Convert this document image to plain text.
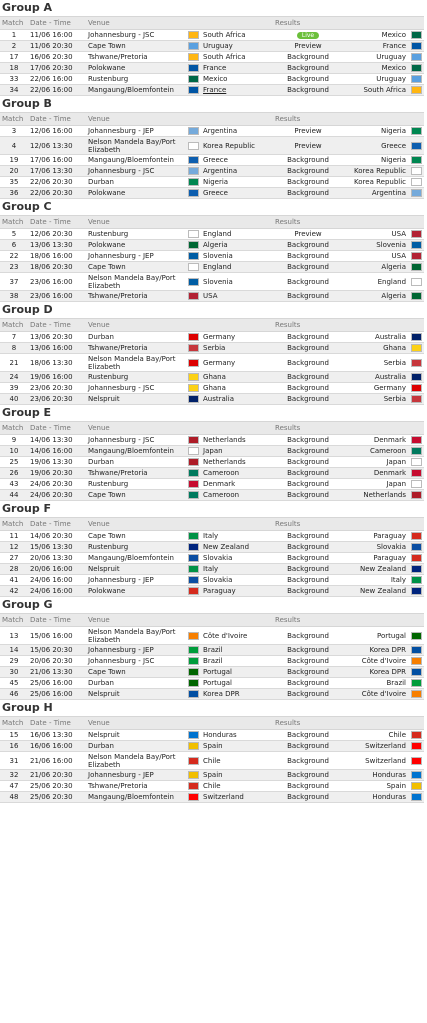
Group A
Match	Date - Time	Venue			Results		
1	11/06 16:00	Johannesburg - JSC		South Africa	Live	Mexico	
2	11/06 20:30	Cape Town		Uruguay	Preview	France	
17	16/06 20:30	Tshwane/Pretoria		South Africa	Background	Uruguay	
18	17/06 20:30	Polokwane		France	Background	Mexico	
33	22/06 16:00	Rustenburg		Mexico	Background	Uruguay	
34	22/06 16:00	Mangaung/Bloemfontein		France	Background	South Africa	
Group B
Match	Date - Time	Venue			Results		
3	12/06 16:00	Johannesburg - JEP		Argentina	Preview	Nigeria	
4	12/06 13:30	Nelson Mandela Bay/Port Elizabeth		Korea Republic	Preview	Greece	
19	17/06 16:00	Mangaung/Bloemfontein		Greece	Background	Nigeria	
20	17/06 13:30	Johannesburg - JSC		Argentina	Background	Korea Republic	
35	22/06 20:30	Durban		Nigeria	Background	Korea Republic	
36	22/06 20:30	Polokwane		Greece	Background	Argentina	
Group C
Match	Date - Time	Venue			Results		
5	12/06 20:30	Rustenburg		England	Preview	USA	
6	13/06 13:30	Polokwane		Algeria	Background	Slovenia	
22	18/06 16:00	Johannesburg - JEP		Slovenia	Background	USA	
23	18/06 20:30	Cape Town		England	Background	Algeria	
37	23/06 16:00	Nelson Mandela Bay/Port Elizabeth		Slovenia	Background	England	
38	23/06 16:00	Tshwane/Pretoria		USA	Background	Algeria	
Group D
Match	Date - Time	Venue			Results		
7	13/06 20:30	Durban		Germany	Background	Australia	
8	13/06 16:00	Tshwane/Pretoria		Serbia	Background	Ghana	
21	18/06 13:30	Nelson Mandela Bay/Port Elizabeth		Germany	Background	Serbia	
24	19/06 16:00	Rustenburg		Ghana	Background	Australia	
39	23/06 20:30	Johannesburg - JSC		Ghana	Background	Germany	
40	23/06 20:30	Nelspruit		Australia	Background	Serbia	
Group E
Match	Date - Time	Venue			Results		
9	14/06 13:30	Johannesburg - JSC		Netherlands	Background	Denmark	
10	14/06 16:00	Mangaung/Bloemfontein		Japan	Background	Cameroon	
25	19/06 13:30	Durban		Netherlands	Background	Japan	
26	19/06 20:30	Tshwane/Pretoria		Cameroon	Background	Denmark	
43	24/06 20:30	Rustenburg		Denmark	Background	Japan	
44	24/06 20:30	Cape Town		Cameroon	Background	Netherlands	
Group F
Match	Date - Time	Venue			Results		
11	14/06 20:30	Cape Town		Italy	Background	Paraguay	
12	15/06 13:30	Rustenburg		New Zealand	Background	Slovakia	
27	20/06 13:30	Mangaung/Bloemfontein		Slovakia	Background	Paraguay	
28	20/06 16:00	Nelspruit		Italy	Background	New Zealand	
41	24/06 16:00	Johannesburg - JEP		Slovakia	Background	Italy	
42	24/06 16:00	Polokwane		Paraguay	Background	New Zealand	
Group G
Match	Date - Time	Venue			Results		
13	15/06 16:00	Nelson Mandela Bay/Port Elizabeth		Côte d'Ivoire	Background	Portugal	
14	15/06 20:30	Johannesburg - JEP		Brazil	Background	Korea DPR	
29	20/06 20:30	Johannesburg - JSC		Brazil	Background	Côte d'Ivoire	
30	21/06 13:30	Cape Town		Portugal	Background	Korea DPR	
45	25/06 16:00	Durban		Portugal	Background	Brazil	
46	25/06 16:00	Nelspruit		Korea DPR	Background	Côte d'Ivoire	
Group H
Match	Date - Time	Venue			Results		
15	16/06 13:30	Nelspruit		Honduras	Background	Chile	
16	16/06 16:00	Durban		Spain	Background	Switzerland	
31	21/06 16:00	Nelson Mandela Bay/Port Elizabeth		Chile	Background	Switzerland	
32	21/06 20:30	Johannesburg - JEP		Spain	Background	Honduras	
47	25/06 20:30	Tshwane/Pretoria		Chile	Background	Spain	
48	25/06 20:30	Mangaung/Bloemfontein		Switzerland	Background	Honduras	
